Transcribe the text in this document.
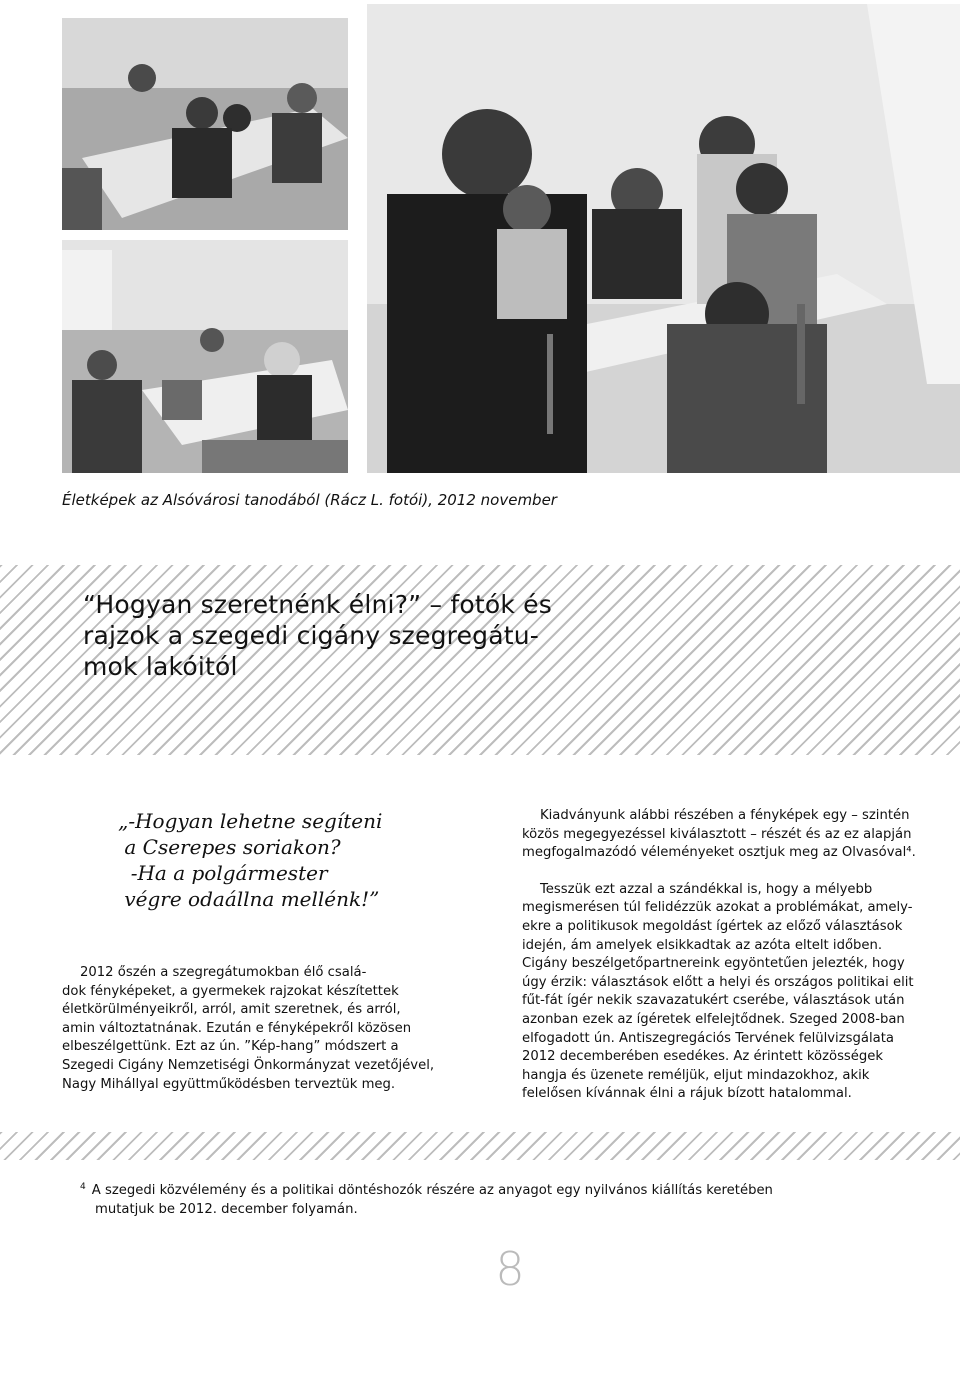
Életképek az Alsóvárosi tanodából (Rácz L. fotói), 2012 november
“Hogyan szeretnénk élni?” – fotók és
rajzok a szegedi cigány szegregátu-
mok lakóitól
„-Hogyan lehetne segíteni
a Cserepes soriakon?
-Ha a polgármester
végre odaállna mellénk!”
2012 őszén a szegregátumokban élő csalá-
dok fényképeket, a gyermekek rajzokat készítettek
életkörülményeikről, arról, amit szeretnek, és arról,
amin változtatnának. Ezután e fényképekről közösen
elbeszélgettünk. Ezt az ún. ”Kép-hang” módszert a
Szegedi Cigány Nemzetiségi Önkormányzat vezetőjével,
Nagy Mihállyal együttműködésben terveztük meg.
Kiadványunk alábbi részében a fényképek egy – szintén
közös megegyezéssel kiválasztott – részét és az ez alapján
megfogalmazódó véleményeket osztjuk meg az Olvasóval⁴.
Tesszük ezt azzal a szándékkal is, hogy a mélyebb
megismerésen túl felidézzük azokat a problémákat, amely-
ekre a politikusok megoldást ígértek az előző választások
idején, ám amelyek elsikkadtak az azóta eltelt időben.
Cigány beszélgetőpartnereink egyöntetűen jelezték, hogy
úgy érzik: választások előtt a helyi és országos politikai elit
fűt-fát ígér nekik szavazatukért cserébe, választások után
azonban ezek az ígéretek elfelejtődnek. Szeged 2008-ban
elfogadott ún. Antiszegregációs Tervének felülvizsgálata
2012 decemberében esedékes. Az érintett közösségek
hangja és üzenete reméljük, eljut mindazokhoz, akik
felelősen kívánnak élni a rájuk bízott hatalommal.
$^4$ A szegedi közvélemény és a politikai döntéshozók részére az anyagot egy nyilvános kiállítás keretében
mutatjuk be 2012. december folyamán.
8
